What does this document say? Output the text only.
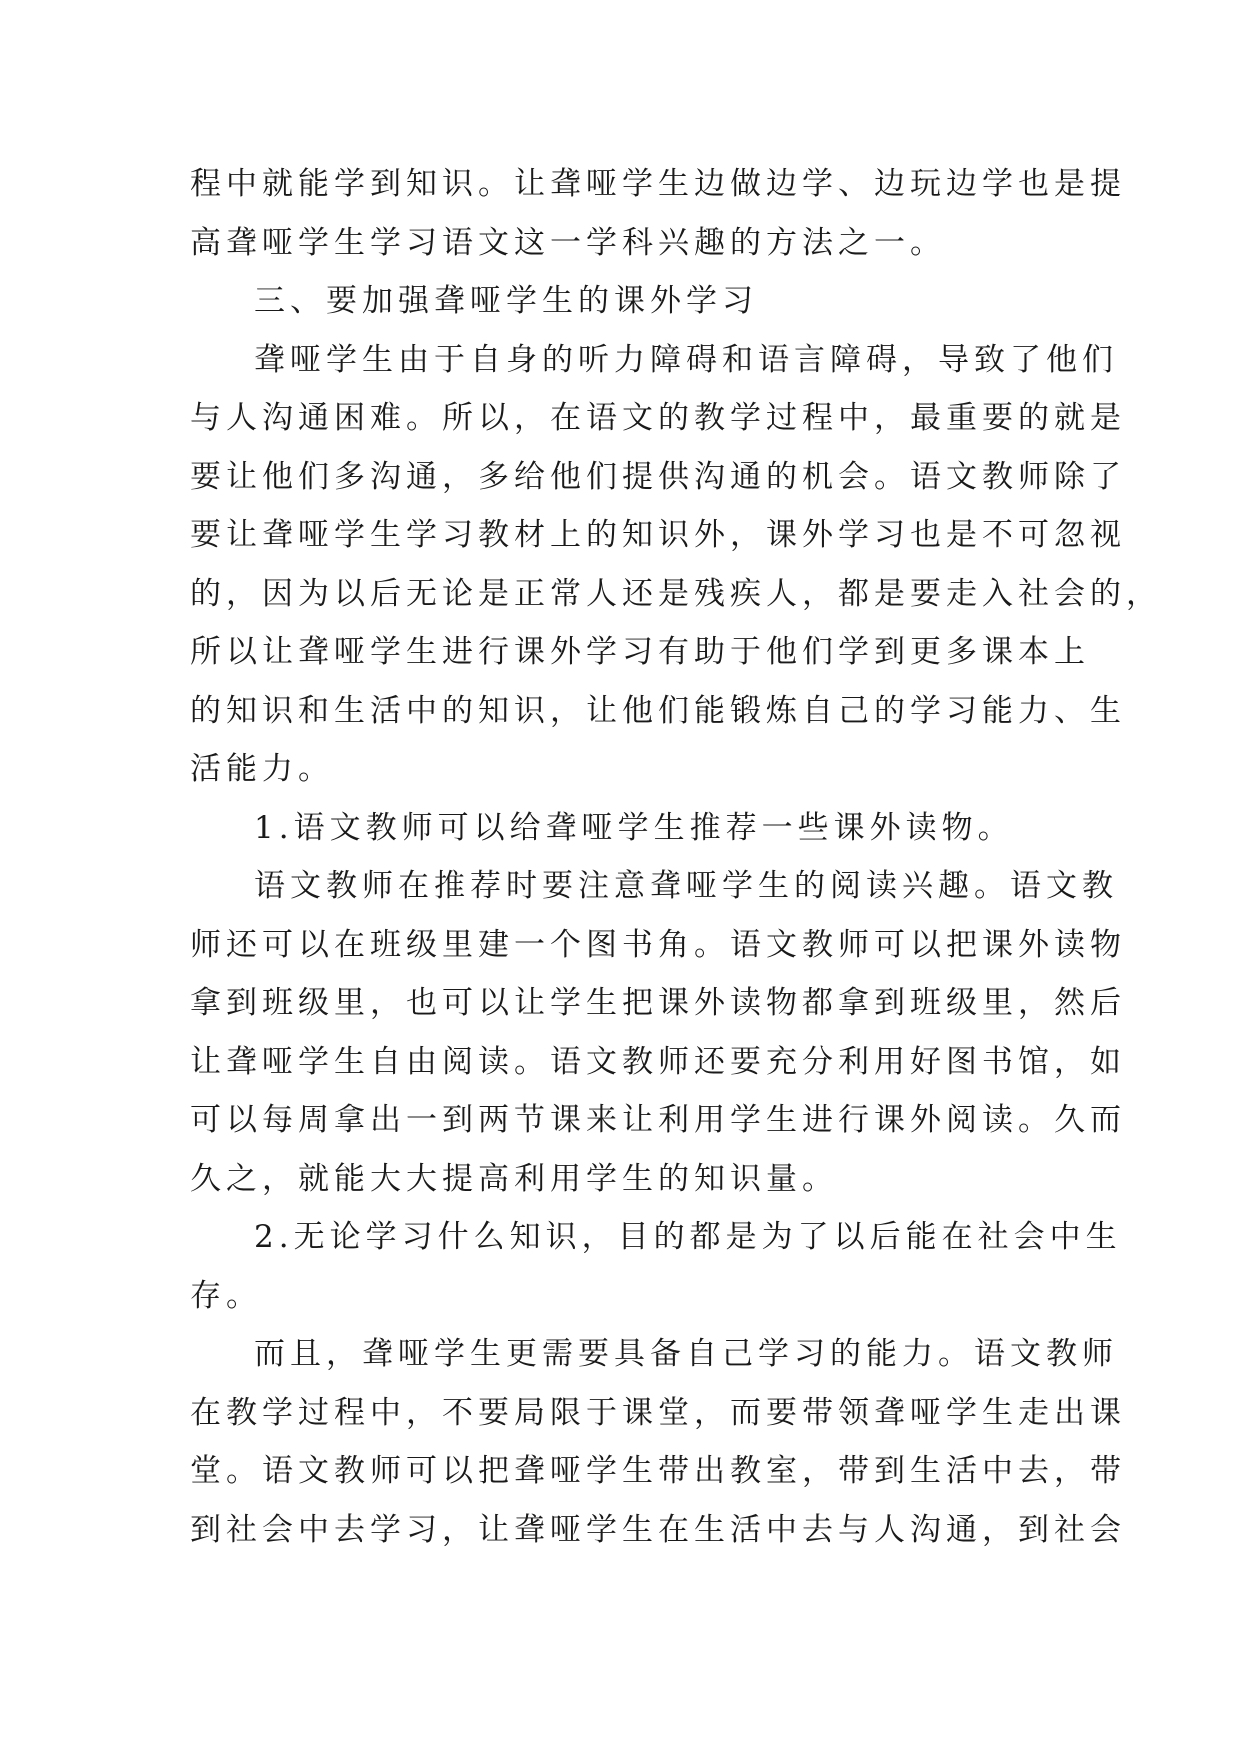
程中就能学到知识。让聋哑学生边做边学、边玩边学也是提
高聋哑学生学习语文这一学科兴趣的方法之一。
三、要加强聋哑学生的课外学习
聋哑学生由于自身的听力障碍和语言障碍，导致了他们
与人沟通困难。所以，在语文的教学过程中，最重要的就是
要让他们多沟通，多给他们提供沟通的机会。语文教师除了
要让聋哑学生学习教材上的知识外，课外学习也是不可忽视
的，因为以后无论是正常人还是残疾人，都是要走入社会的，
所以让聋哑学生进行课外学习有助于他们学到更多课本上
的知识和生活中的知识，让他们能锻炼自己的学习能力、生
活能力。
1.语文教师可以给聋哑学生推荐一些课外读物。
语文教师在推荐时要注意聋哑学生的阅读兴趣。语文教
师还可以在班级里建一个图书角。语文教师可以把课外读物
拿到班级里，也可以让学生把课外读物都拿到班级里，然后
让聋哑学生自由阅读。语文教师还要充分利用好图书馆，如
可以每周拿出一到两节课来让利用学生进行课外阅读。久而
久之，就能大大提高利用学生的知识量。
2.无论学习什么知识，目的都是为了以后能在社会中生
存。
而且，聋哑学生更需要具备自己学习的能力。语文教师
在教学过程中，不要局限于课堂，而要带领聋哑学生走出课
堂。语文教师可以把聋哑学生带出教室，带到生活中去，带
到社会中去学习，让聋哑学生在生活中去与人沟通，到社会
